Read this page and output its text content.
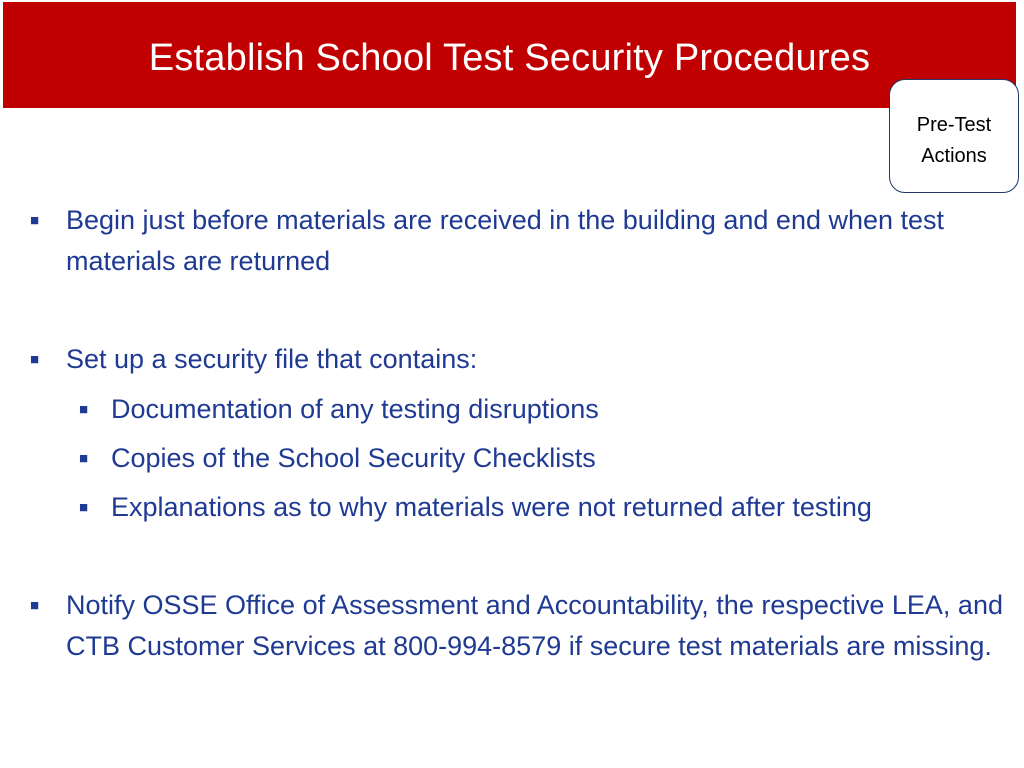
Establish School Test Security Procedures
Pre-Test
Actions
■ Begin just before materials are received in the building and end when test materials are returned
■ Set up a security file that contains:
■ Documentation of any testing disruptions
■ Copies of the School Security Checklists
■ Explanations as to why materials were not returned after testing
■ Notify OSSE Office of Assessment and Accountability, the respective LEA, and CTB Customer Services at 800-994-8579 if secure test materials are missing.
